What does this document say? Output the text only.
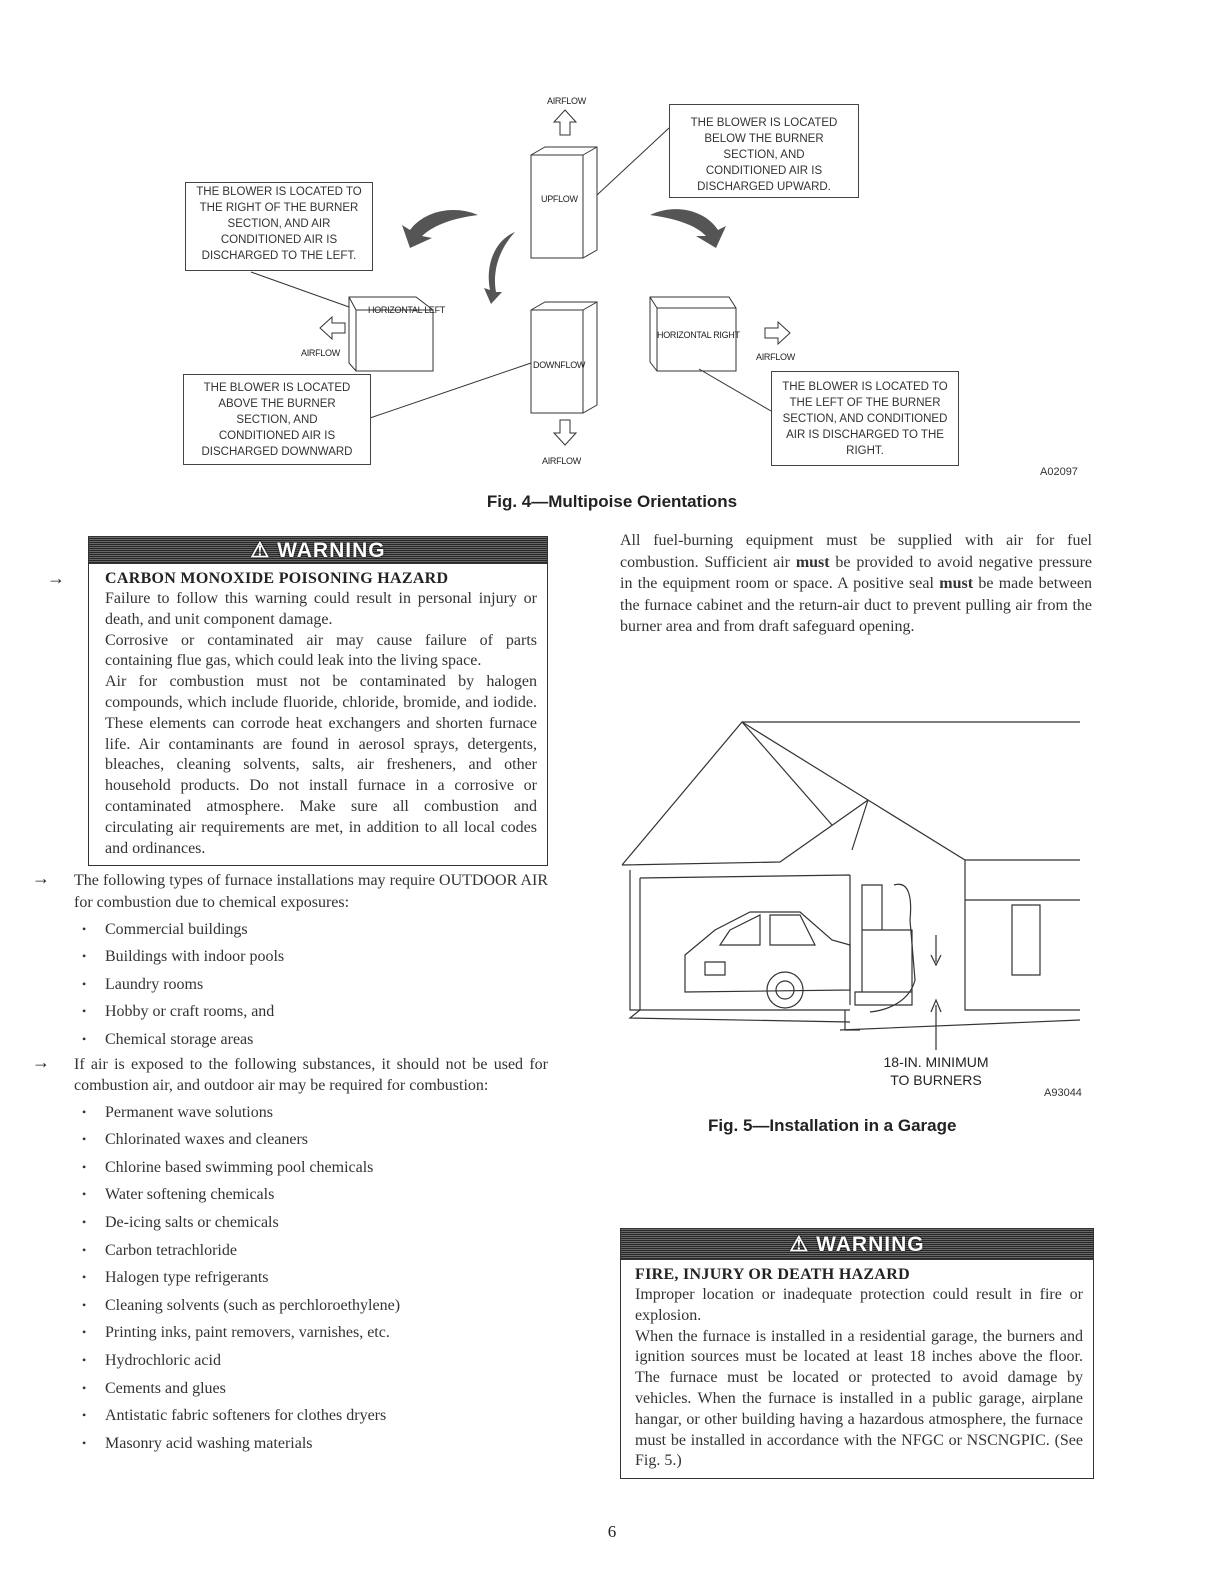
AIRFLOW
UPFLOW
HORIZONTAL LEFT
AIRFLOW
DOWNFLOW
AIRFLOW
HORIZONTAL RIGHT
AIRFLOW
THE BLOWER IS LOCATED BELOW THE BURNER SECTION, AND CONDITIONED AIR IS DISCHARGED UPWARD.
THE BLOWER IS LOCATED TO THE RIGHT OF THE BURNER SECTION, AND AIR CONDITIONED AIR IS DISCHARGED TO THE LEFT.
THE BLOWER IS LOCATED ABOVE THE BURNER SECTION, AND CONDITIONED AIR IS DISCHARGED DOWNWARD
THE BLOWER IS LOCATED TO THE LEFT OF THE BURNER SECTION, AND CONDITIONED AIR IS DISCHARGED TO THE RIGHT.
A02097
Fig. 4—Multipoise Orientations
⚠ WARNING
→	CARBON MONOXIDE POISONING HAZARD

Failure to follow this warning could result in personal injury or death, and unit component damage.

Corrosive or contaminated air may cause failure of parts containing flue gas, which could leak into the living space.

Air for combustion must not be contaminated by halogen compounds, which include fluoride, chloride, bromide, and iodide. These elements can corrode heat exchangers and shorten furnace life. Air contaminants are found in aerosol sprays, detergents, bleaches, cleaning solvents, salts, air fresheners, and other household products. Do not install furnace in a corrosive or contaminated atmosphere. Make sure all combustion and circulating air requirements are met, in addition to all local codes and ordinances.

→ The following types of furnace installations may require OUTDOOR AIR for combustion due to chemical exposures:
• Commercial buildings
• Buildings with indoor pools
• Laundry rooms
• Hobby or craft rooms, and
• Chemical storage areas
→ If air is exposed to the following substances, it should not be used for combustion air, and outdoor air may be required for combustion:
• Permanent wave solutions
• Chlorinated waxes and cleaners
• Chlorine based swimming pool chemicals
• Water softening chemicals
• De-icing salts or chemicals
• Carbon tetrachloride
• Halogen type refrigerants
• Cleaning solvents (such as perchloroethylene)
• Printing inks, paint removers, varnishes, etc.
• Hydrochloric acid
• Cements and glues
• Antistatic fabric softeners for clothes dryers
• Masonry acid washing materials
All fuel-burning equipment must be supplied with air for fuel combustion. Sufficient air must be provided to avoid negative pressure in the equipment room or space. A positive seal must be made between the furnace cabinet and the return-air duct to prevent pulling air from the burner area and from draft safeguard opening.
18-IN. MINIMUM
TO BURNERS
A93044
Fig. 5—Installation in a Garage
⚠ WARNING
FIRE, INJURY OR DEATH HAZARD

Improper location or inadequate protection could result in fire or explosion.

When the furnace is installed in a residential garage, the burners and ignition sources must be located at least 18 inches above the floor. The furnace must be located or protected to avoid damage by vehicles. When the furnace is installed in a public garage, airplane hangar, or other building having a hazardous atmosphere, the furnace must be installed in accordance with the NFGC or NSCNGPIC. (See Fig. 5.)

6
